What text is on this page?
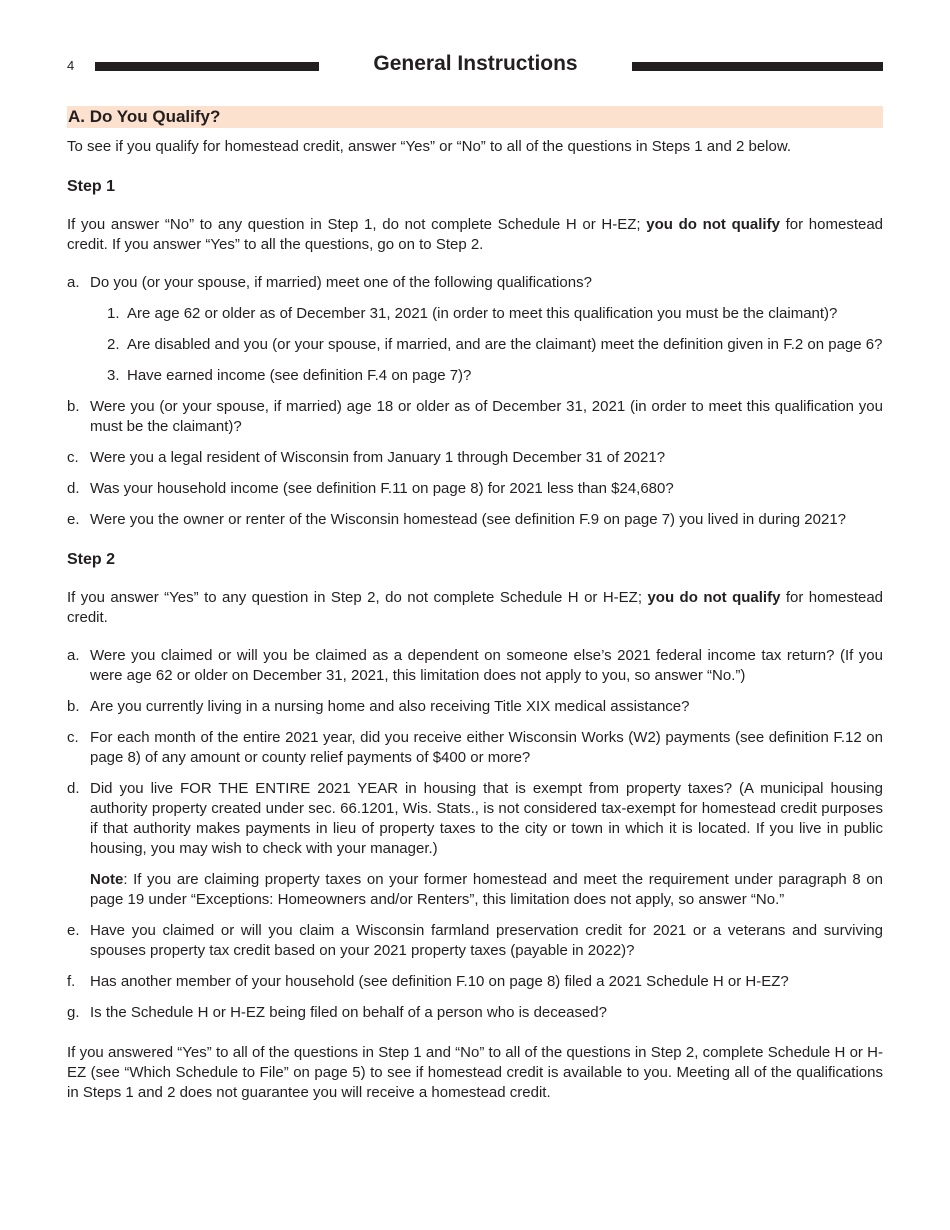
4	General Instructions
A. Do You Qualify?

To see if you qualify for homestead credit, answer “Yes” or “No” to all of the questions in Steps 1 and 2 below.

Step 1

If you answer “No” to any question in Step 1, do not complete Schedule H or H-EZ; you do not qualify for homestead credit. If you answer “Yes” to all the questions, go on to Step 2.

a. Do you (or your spouse, if married) meet one of the following qualifications?
1. Are age 62 or older as of December 31, 2021 (in order to meet this qualification you must be the claimant)?
2. Are disabled and you (or your spouse, if married, and are the claimant) meet the definition given in F.2 on page 6?
3. Have earned income (see definition F.4 on page 7)?
b. Were you (or your spouse, if married) age 18 or older as of December 31, 2021 (in order to meet this qualification you must be the claimant)?
c. Were you a legal resident of Wisconsin from January 1 through December 31 of 2021?
d. Was your household income (see definition F.11 on page 8) for 2021 less than $24,680?
e. Were you the owner or renter of the Wisconsin homestead (see definition F.9 on page 7) you lived in during 2021?
Step 2

If you answer “Yes” to any question in Step 2, do not complete Schedule H or H-EZ; you do not qualify for homestead credit.

a. Were you claimed or will you be claimed as a dependent on someone else’s 2021 federal income tax return? (If you were age 62 or older on December 31, 2021, this limitation does not apply to you, so answer “No.”)
b. Are you currently living in a nursing home and also receiving Title XIX medical assistance?
c. For each month of the entire 2021 year, did you receive either Wisconsin Works (W2) payments (see definition F.12 on page 8) of any amount or county relief payments of $400 or more?
d. Did you live FOR THE ENTIRE 2021 YEAR in housing that is exempt from property taxes? (A municipal housing authority property created under sec. 66.1201, Wis. Stats., is not considered tax-exempt for homestead credit purposes if that authority makes payments in lieu of property taxes to the city or town in which it is located. If you live in public housing, you may wish to check with your manager.)

Note: If you are claiming property taxes on your former homestead and meet the requirement under paragraph 8 on page 19 under “Exceptions: Homeowners and/or Renters”, this limitation does not apply, so answer “No.”

e. Have you claimed or will you claim a Wisconsin farmland preservation credit for 2021 or a veterans and surviving spouses property tax credit based on your 2021 property taxes (payable in 2022)?
f. Has another member of your household (see definition F.10 on page 8) filed a 2021 Schedule H or H-EZ?
g. Is the Schedule H or H-EZ being filed on behalf of a person who is deceased?

If you answered “Yes” to all of the questions in Step 1 and “No” to all of the questions in Step 2, complete Schedule H or H-EZ (see “Which Schedule to File” on page 5) to see if homestead credit is available to you. Meeting all of the qualifications in Steps 1 and 2 does not guarantee you will receive a homestead credit.
